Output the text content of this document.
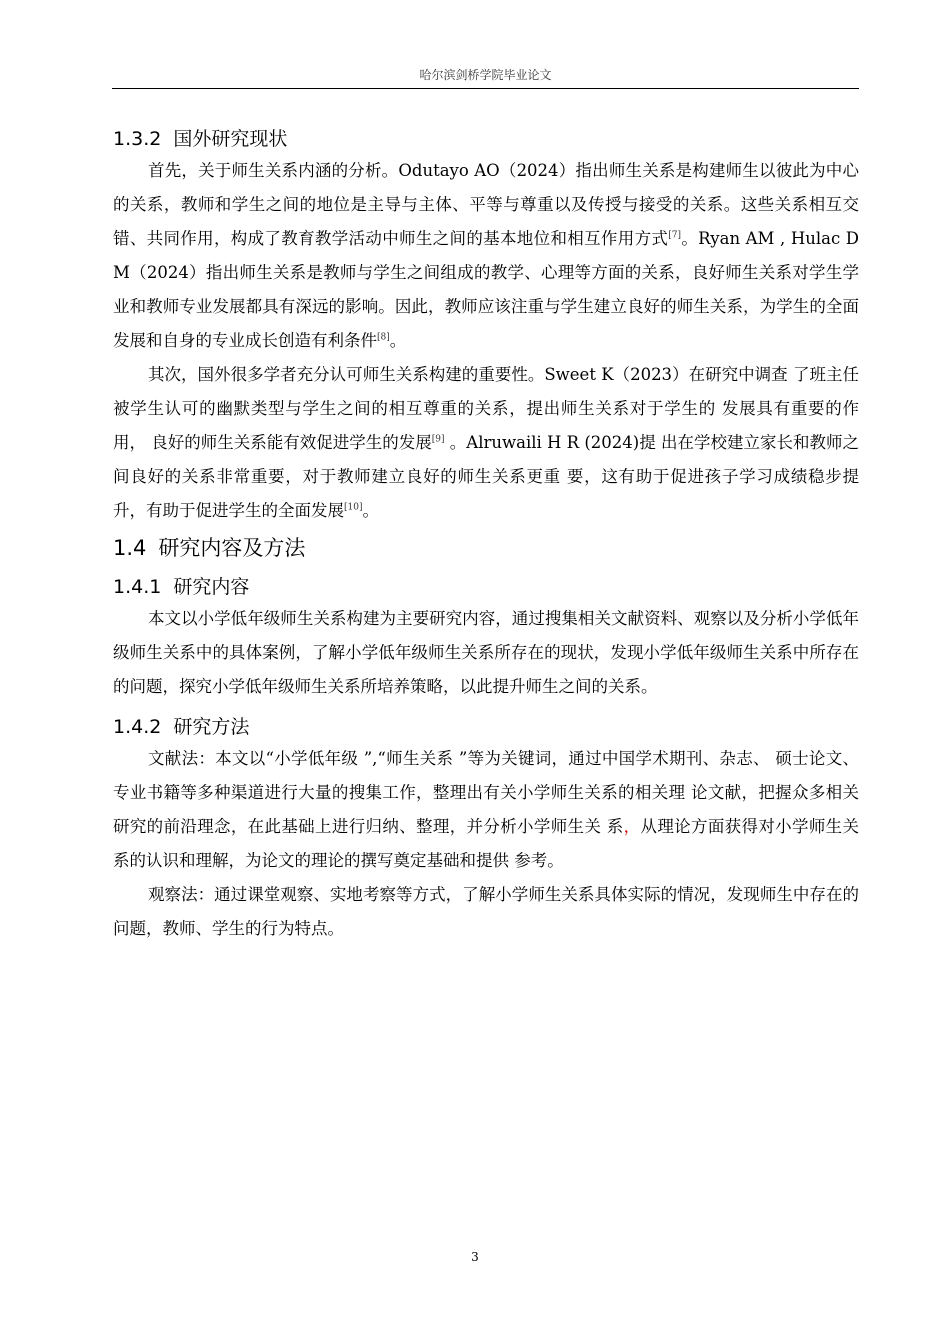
哈尔滨剑桥学院毕业论文
1.3.2 国外研究现状

首先，关于师生关系内涵的分析。Odutayo AO（2024）指出师生关系是构建师生以彼此为中心的关系，教师和学生之间的地位是主导与主体、平等与尊重以及传授与接受的关系。这些关系相互交错、共同作用，构成了教育教学活动中师生之间的基本地位和相互作用方式[7]。Ryan AM , Hulac D M（2024）指出师生关系是教师与学生之间组成的教学、心理等方面的关系，良好师生关系对学生学业和教师专业发展都具有深远的影响。因此，教师应该注重与学生建立良好的师生关系，为学生的全面发展和自身的专业成长创造有利条件[8]。

其次，国外很多学者充分认可师生关系构建的重要性。Sweet K（2023）在研究中调查 了班主任被学生认可的幽默类型与学生之间的相互尊重的关系，提出师生关系对于学生的 发展具有重要的作用， 良好的师生关系能有效促进学生的发展[9] 。Alruwaili H R (2024)提 出在学校建立家长和教师之间良好的关系非常重要，对于教师建立良好的师生关系更重 要，这有助于促进孩子学习成绩稳步提升，有助于促进学生的全面发展[10]。

1.4 研究内容及方法
1.4.1 研究内容

本文以小学低年级师生关系构建为主要研究内容，通过搜集相关文献资料、观察以及分析小学低年级师生关系中的具体案例，了解小学低年级师生关系所存在的现状，发现小学低年级师生关系中所存在的问题，探究小学低年级师生关系所培养策略，以此提升师生之间的关系。

1.4.2 研究方法

文献法：本文以“小学低年级 ”,“师生关系 ”等为关键词，通过中国学术期刊、杂志、 硕士论文、专业书籍等多种渠道进行大量的搜集工作，整理出有关小学师生关系的相关理 论文献，把握众多相关研究的前沿理念，在此基础上进行归纳、整理，并分析小学师生关 系，从理论方面获得对小学师生关系的认识和理解，为论文的理论的撰写奠定基础和提供 参考。

观察法：通过课堂观察、实地考察等方式，了解小学师生关系具体实际的情况，发现师生中存在的问题，教师、学生的行为特点。

3
